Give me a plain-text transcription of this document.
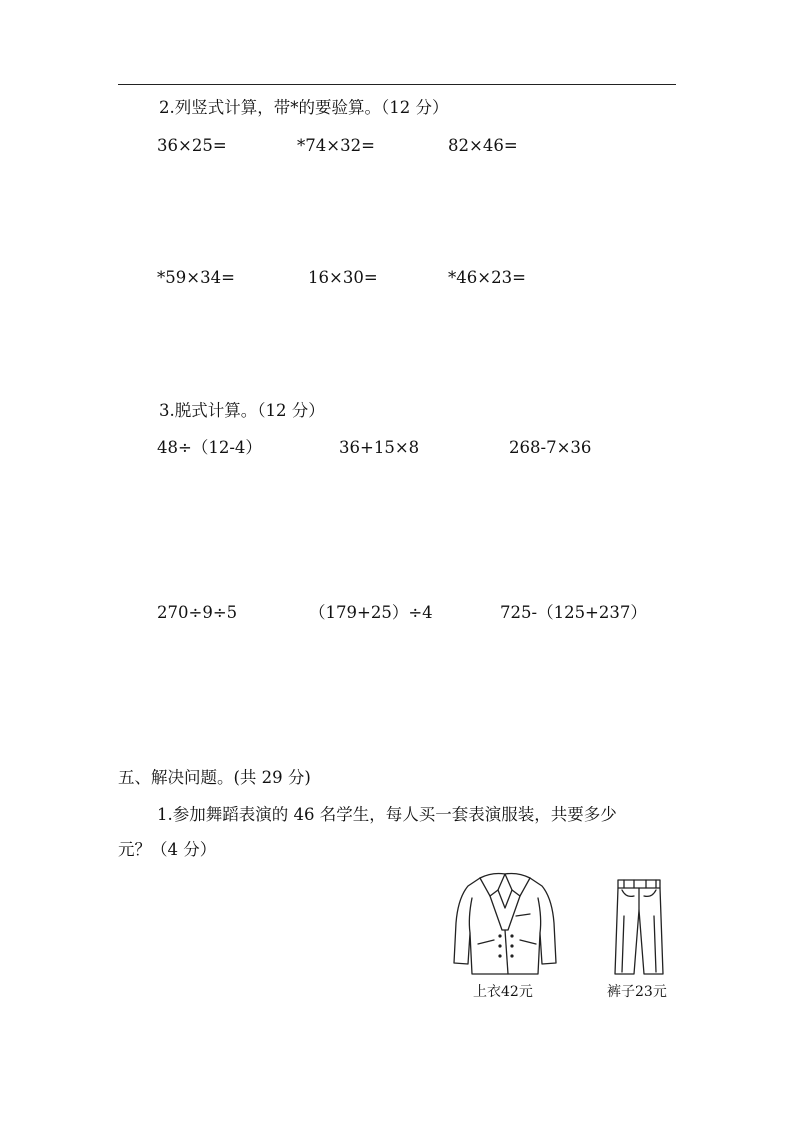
2.列竖式计算，带*的要验算。（12 分）
36×25=	*74×32=	82×46=
*59×34=	16×30=	*46×23=
3.脱式计算。（12 分）
48÷（12-4）	36+15×8	268-7×36
270÷9÷5	（179+25）÷4	725-（125+237）
五、解决问题。(共 29 分)
1.参加舞蹈表演的 46 名学生，每人买一套表演服装，共要多少
元？（4 分）
上衣42元	裤子23元
